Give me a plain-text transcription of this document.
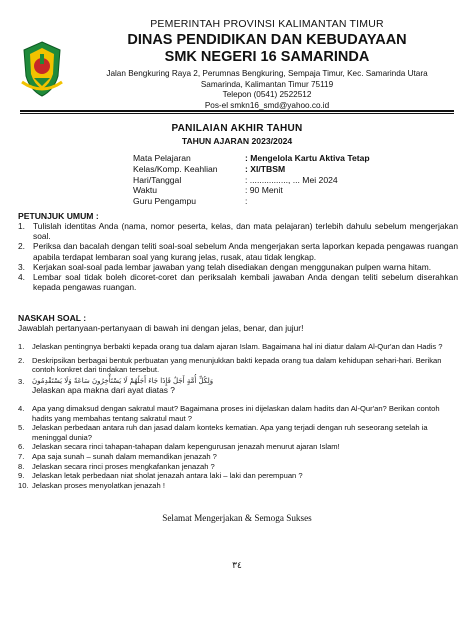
PEMERINTAH PROVINSI KALIMANTAN TIMUR
DINAS PENDIDIKAN DAN KEBUDAYAAN
SMK NEGERI 16 SAMARINDA
Jalan Bengkuring Raya 2, Perumnas Bengkuring, Sempaja Timur, Kec. Samarinda Utara
Samarinda, Kalimantan Timur 75119
Telepon (0541) 2522512
Pos-el smkn16_smd@yahoo.co.id
PANILAIAN AKHIR TAHUN
TAHUN AJARAN 2023/2024
Mata Pelajaran	: Mengelola Kartu Aktiva Tetap
Kelas/Komp. Keahlian	: XI/TBSM
Hari/Tanggal	: ................, ... Mei 2024
Waktu	: 90 Menit
Guru Pengampu	:
PETUNJUK UMUM :
1. Tulislah identitas Anda (nama, nomor peserta, kelas, dan mata pelajaran) terlebih dahulu sebelum mengerjakan soal.
2. Periksa dan bacalah dengan teliti soal-soal sebelum Anda mengerjakan serta laporkan kepada pengawas ruangan apabila terdapat lembaran soal yang kurang jelas, rusak, atau tidak lengkap.
3. Kerjakan soal-soal pada lembar jawaban yang telah disediakan dengan menggunakan pulpen warna hitam.
4. Lembar soal tidak boleh dicoret-coret dan periksalah kembali jawaban Anda dengan teliti sebelum diserahkan kepada pengawas ruangan.
NASKAH SOAL :
Jawablah pertanyaan-pertanyaan di bawah ini dengan jelas, benar, dan jujur!
1.	Jelaskan pentingnya berbakti kepada orang tua dalam ajaran Islam. Bagaimana hal ini diatur dalam Al-Qur'an dan Hadis ?
2.	Deskripsikan berbagai bentuk perbuatan yang menunjukkan bakti kepada orang tua dalam kehidupan sehari-hari. Berikan contoh konkret dari tindakan tersebut.
3.	وَلِكُلِّ أُمَّةٍ أَجَلٌ فَإِذَا جَاءَ أَجَلُهُمْ لَا يَسْتَأْخِرُونَ سَاعَةً وَلَا يَسْتَقْدِمُونَ
Jelaskan apa makna dari ayat diatas ?
4.	Apa yang dimaksud dengan sakratul maut? Bagaimana proses ini dijelaskan dalam hadits dan Al-Qur'an? Berikan contoh hadits yang membahas tentang sakratul maut ?
5.	Jelaskan perbedaan antara ruh dan jasad dalam konteks kematian. Apa yang terjadi dengan ruh seseorang setelah ia meninggal dunia?
6.	Jelaskan secara rinci tahapan-tahapan dalam kepengurusan jenazah menurut ajaran Islam!
7.	Apa saja sunah – sunah dalam memandikan jenazah ?
8.	Jelaskan secara rinci proses mengkafankan jenazah ?
9.	Jelaskan letak perbedaan niat sholat jenazah antara laki – laki dan perempuan ?
10. Jelaskan proses menyolatkan jenazah !
Selamat Mengerjakan & Semoga Sukses
٣٤
